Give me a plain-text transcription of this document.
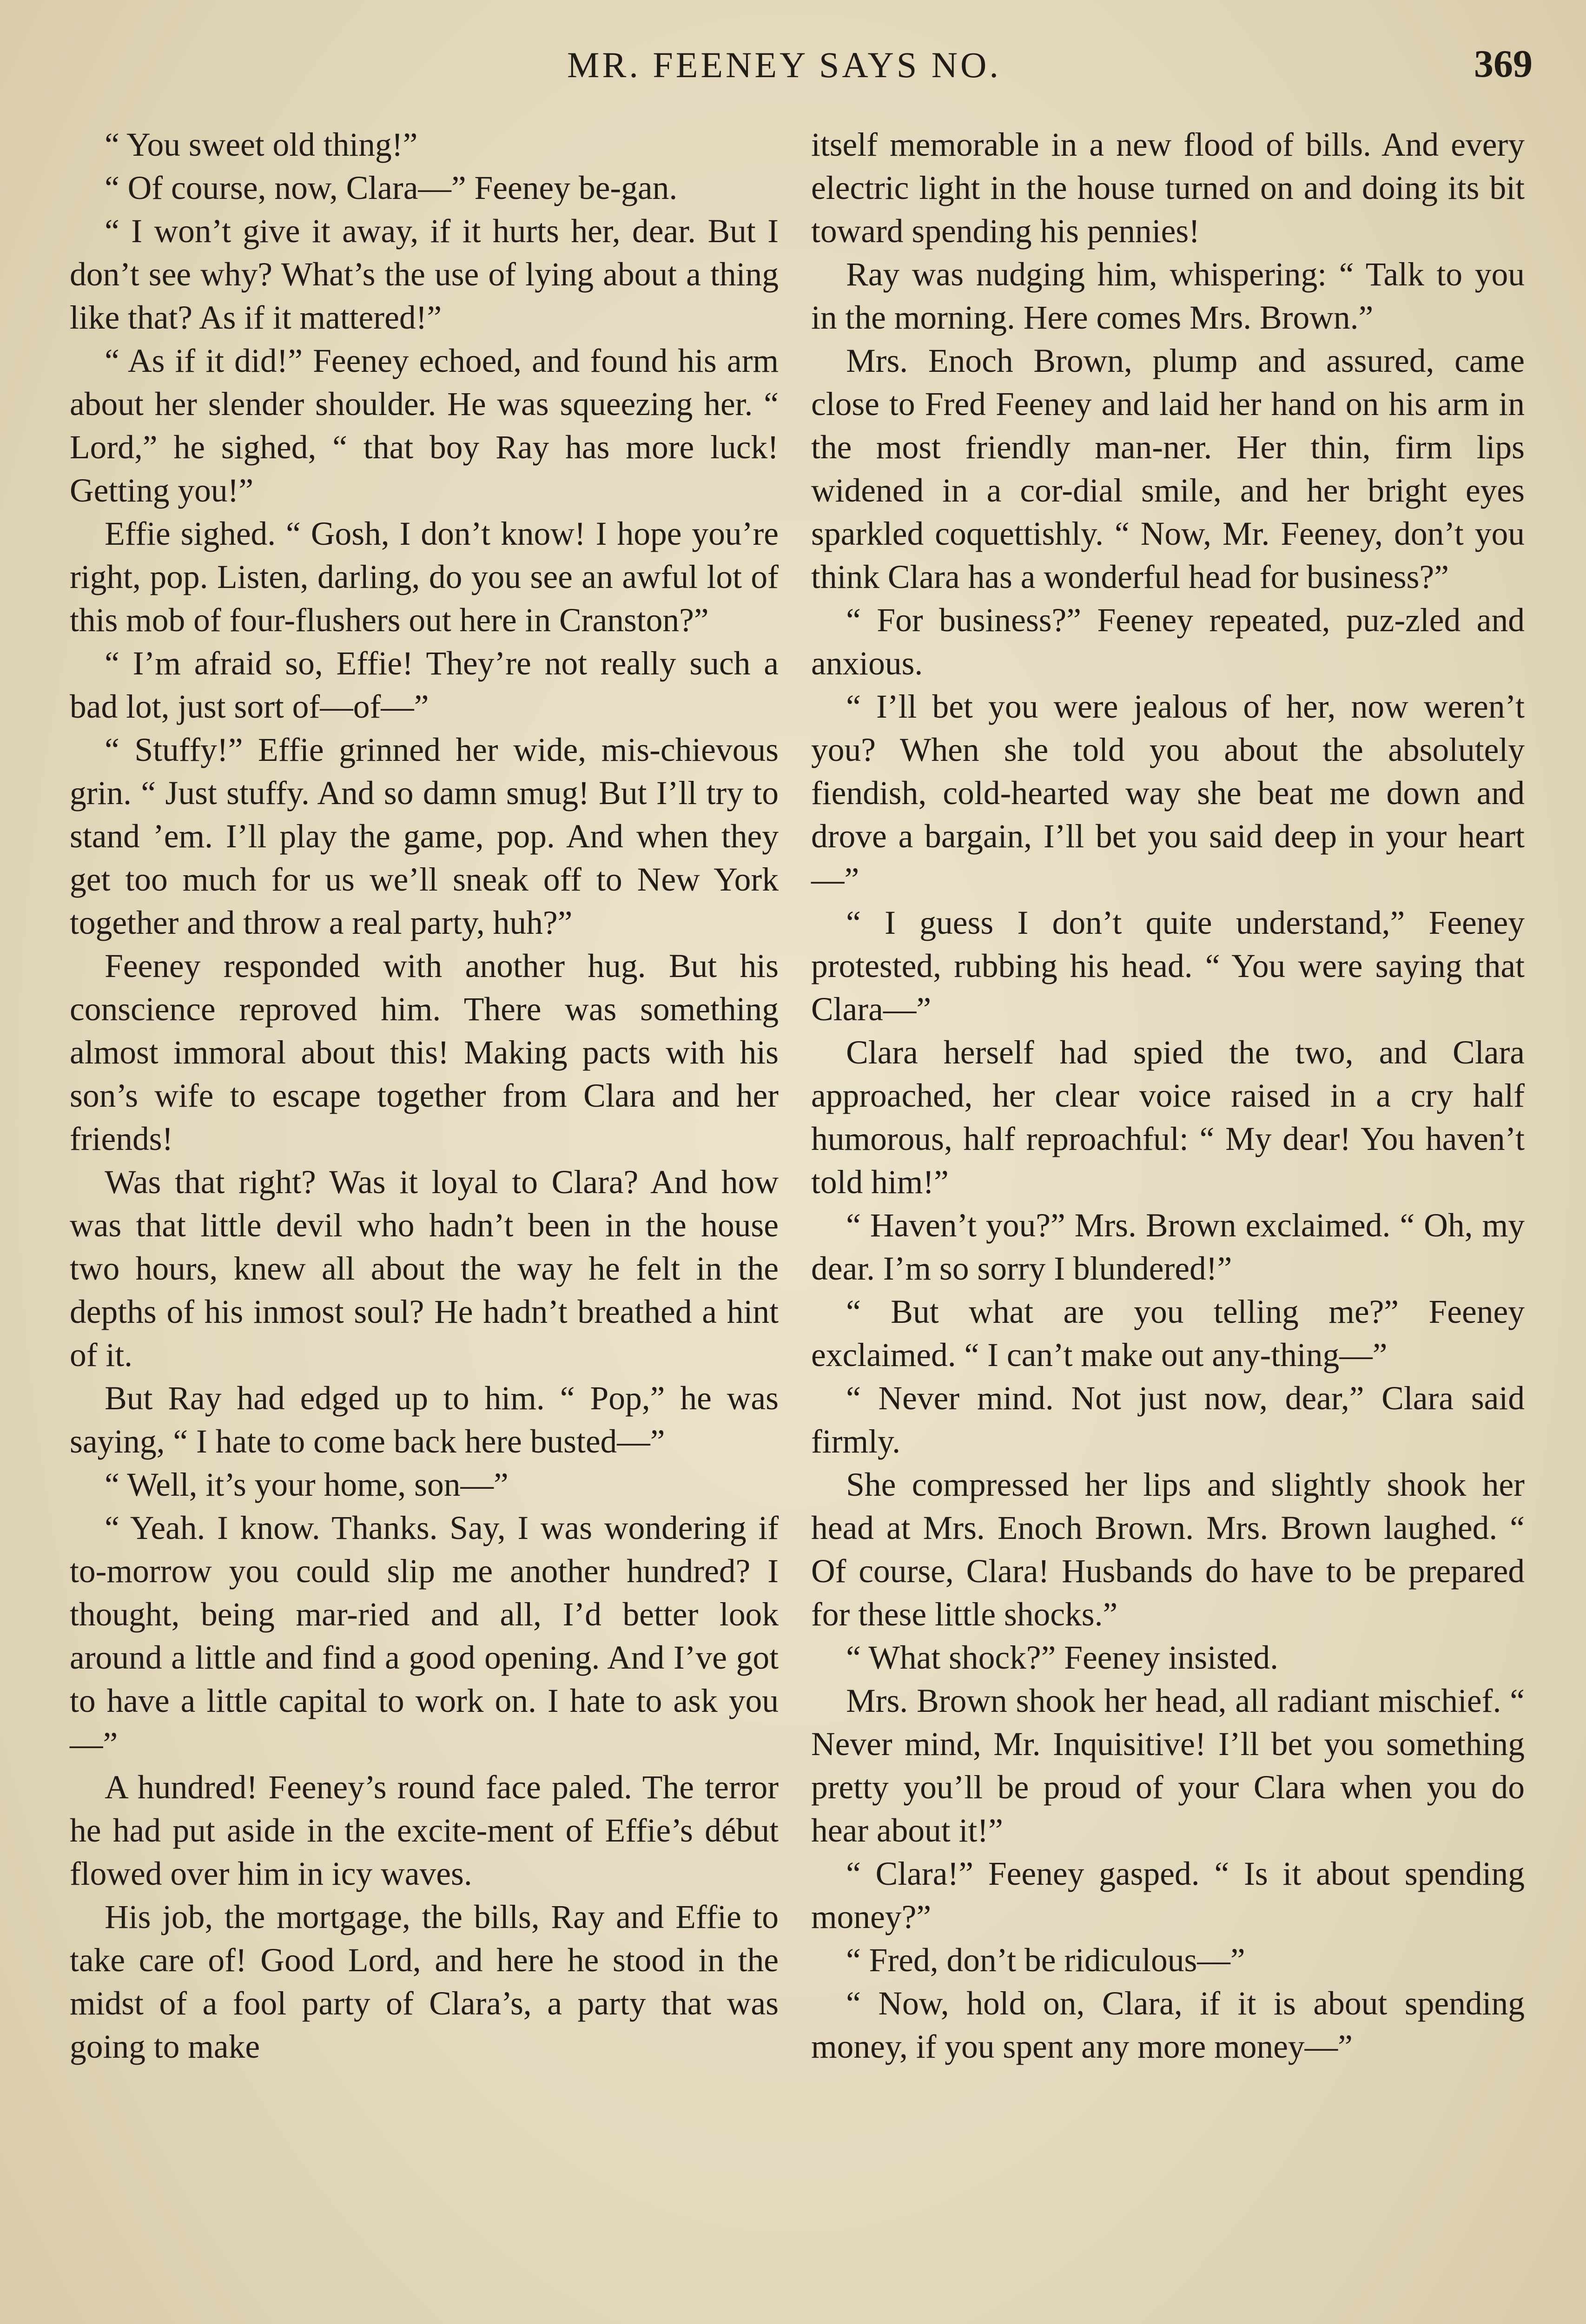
MR. FEENEY SAYS NO.	369

“ You sweet old thing!”

“ Of course, now, Clara—” Feeney be-gan.

“ I won’t give it away, if it hurts her, dear. But I don’t see why? What’s the use of lying about a thing like that? As if it mattered!”

“ As if it did!” Feeney echoed, and found his arm about her slender shoulder. He was squeezing her. “ Lord,” he sighed, “ that boy Ray has more luck! Getting you!”

Effie sighed. “ Gosh, I don’t know! I hope you’re right, pop. Listen, darling, do you see an awful lot of this mob of four-flushers out here in Cranston?”

“ I’m afraid so, Effie! They’re not really such a bad lot, just sort of—of—”

“ Stuffy!” Effie grinned her wide, mis-chievous grin. “ Just stuffy. And so damn smug! But I’ll try to stand ’em. I’ll play the game, pop. And when they get too much for us we’ll sneak off to New York together and throw a real party, huh?”

Feeney responded with another hug. But his conscience reproved him. There was something almost immoral about this! Making pacts with his son’s wife to escape together from Clara and her friends!

Was that right? Was it loyal to Clara? And how was that little devil who hadn’t been in the house two hours, knew all about the way he felt in the depths of his inmost soul? He hadn’t breathed a hint of it.

But Ray had edged up to him. “ Pop,” he was saying, “ I hate to come back here busted—”

“ Well, it’s your home, son—”

“ Yeah. I know. Thanks. Say, I was wondering if to-morrow you could slip me another hundred? I thought, being mar-ried and all, I’d better look around a little and find a good opening. And I’ve got to have a little capital to work on. I hate to ask you—”

A hundred! Feeney’s round face paled. The terror he had put aside in the excite-ment of Effie’s début flowed over him in icy waves.

His job, the mortgage, the bills, Ray and Effie to take care of! Good Lord, and here he stood in the midst of a fool party of Clara’s, a party that was going to make

itself memorable in a new flood of bills. And every electric light in the house turned on and doing its bit toward spending his pennies!

Ray was nudging him, whispering: “ Talk to you in the morning. Here comes Mrs. Brown.”

Mrs. Enoch Brown, plump and assured, came close to Fred Feeney and laid her hand on his arm in the most friendly man-ner. Her thin, firm lips widened in a cor-dial smile, and her bright eyes sparkled coquettishly. “ Now, Mr. Feeney, don’t you think Clara has a wonderful head for business?”

“ For business?” Feeney repeated, puz-zled and anxious.

“ I’ll bet you were jealous of her, now weren’t you? When she told you about the absolutely fiendish, cold-hearted way she beat me down and drove a bargain, I’ll bet you said deep in your heart—”

“ I guess I don’t quite understand,” Feeney protested, rubbing his head. “ You were saying that Clara—”

Clara herself had spied the two, and Clara approached, her clear voice raised in a cry half humorous, half reproachful: “ My dear! You haven’t told him!”

“ Haven’t you?” Mrs. Brown exclaimed. “ Oh, my dear. I’m so sorry I blundered!”

“ But what are you telling me?” Feeney exclaimed. “ I can’t make out any-thing—”

“ Never mind. Not just now, dear,” Clara said firmly.

She compressed her lips and slightly shook her head at Mrs. Enoch Brown. Mrs. Brown laughed. “ Of course, Clara! Husbands do have to be prepared for these little shocks.”

“ What shock?” Feeney insisted.

Mrs. Brown shook her head, all radiant mischief. “ Never mind, Mr. Inquisitive! I’ll bet you something pretty you’ll be proud of your Clara when you do hear about it!”

“ Clara!” Feeney gasped. “ Is it about spending money?”

“ Fred, don’t be ridiculous—”

“ Now, hold on, Clara, if it is about spending money, if you spent any more money—”
